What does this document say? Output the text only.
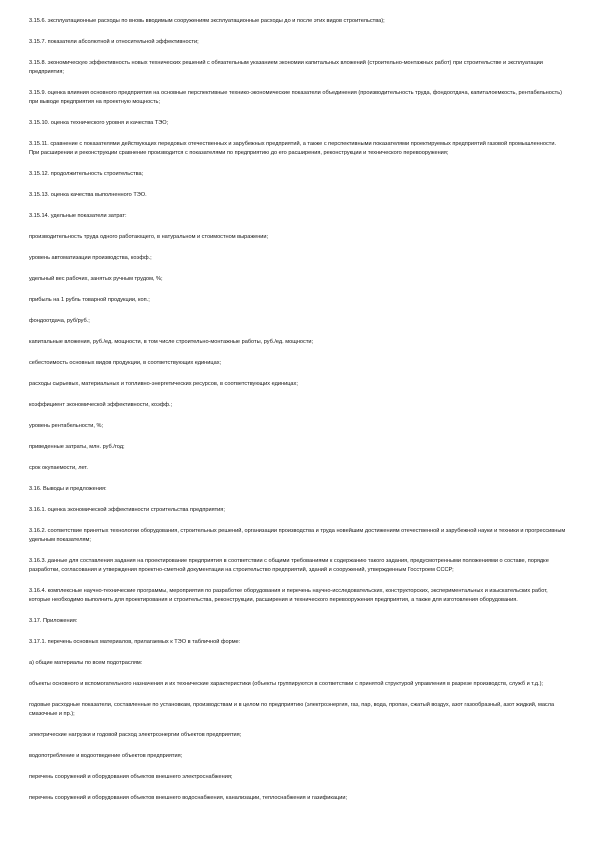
3.15.6. эксплуатационные расходы по вновь вводимым сооружениям эксплуатационные расходы до и после этих видов строительства);

3.15.7. показатели абсолютной и относительной эффективности;

3.15.8. экономическую эффективность новых технических решений с обязательным указанием экономии капитальных вложений (строительно-монтажных работ) при строительстве и эксплуатации предприятия;

3.15.9. оценка влияния основного предприятия на основные перспективные технико-экономические показатели объединения (производительность труда, фондоотдача, капиталоемкость, рентабельность) при выводе предприятия на проектную мощность;

3.15.10. оценка технического уровня и качества ТЭО;

3.15.11. сравнение с показателями действующих передовых отечественных и зарубежных предприятий, а также с перспективными показателями проектируемых предприятий газовой промышленности. При расширении и реконструкции сравнение производится с показателями по предприятию до его расширения, реконструкции и технического перевооружения;

3.15.12. продолжительность строительства;

3.15.13. оценка качества выполненного ТЭО.

3.15.14. удельные показатели затрат:

производительность труда одного работающего, в натуральном и стоимостном выражении;

уровень автоматизации производства, коэфф.;

удельный вес рабочих, занятых ручным трудом, %;

прибыль на 1 рубль товарной продукции, коп.;

фондоотдача, руб/руб.;

капитальные вложения, руб./ед. мощности, в том числе строительно-монтажные работы, руб./ед. мощности;

себестоимость основных видов продукции, в соответствующих единицах;

расходы сырьевых, материальных и топливно-энергетических ресурсов, в соответствующих единицах;

коэффициент экономической эффективности, коэфф.;

уровень рентабельности, %;

приведенные затраты, млн. руб./год;

срок окупаемости, лет.

3.16. Выводы и предложения:

3.16.1. оценка экономической эффективности строительства предприятия;

3.16.2. соответствие принятых технологии оборудования, строительных решений, организации производства и труда новейшим достижениям отечественной и зарубежной науки и техники и прогрессивным удельным показателям;

3.16.3. данные для составления задания на проектирование предприятия в соответствии с общими требованиями к содержанию такого задания, предусмотренными положениями о составе, порядке разработки, согласования и утверждения проектно-сметной документации на строительство предприятий, зданий и сооружений, утвержденным Госстроем СССР;

3.16.4. комплексные научно-технические программы, мероприятия по разработке оборудования и перечень научно-исследовательских, конструкторских, экспериментальных и изыскательских работ, которые необходимо выполнить для проектирования и строительства, реконструкции, расширения и технического перевооружения предприятия, а также для изготовления оборудования.

3.17. Приложения:

3.17.1. перечень основных материалов, прилагаемых к ТЭО в табличной форме:

а) общие материалы по всем подотраслям:

объекты основного и вспомогательного назначения и их технические характеристики (объекты группируются в соответствии с принятой структурой управления в разрезе производств, служб и т.д.);

годовые расходные показатели, составленные по установкам, производствам и в целом по предприятию (электроэнергия, газ, пар, вода, пропан, сжатый воздух, азот газообразный, азот жидкий, масла смазочные и пр.);

электрические нагрузки и годовой расход электроэнергии объектов предприятия;

водопотребление и водоотведение объектов предприятия;

перечень сооружений и оборудования объектов внешнего электроснабжения;

перечень сооружений и оборудования объектов внешнего водоснабжения, канализации, теплоснабжения и газификации;
